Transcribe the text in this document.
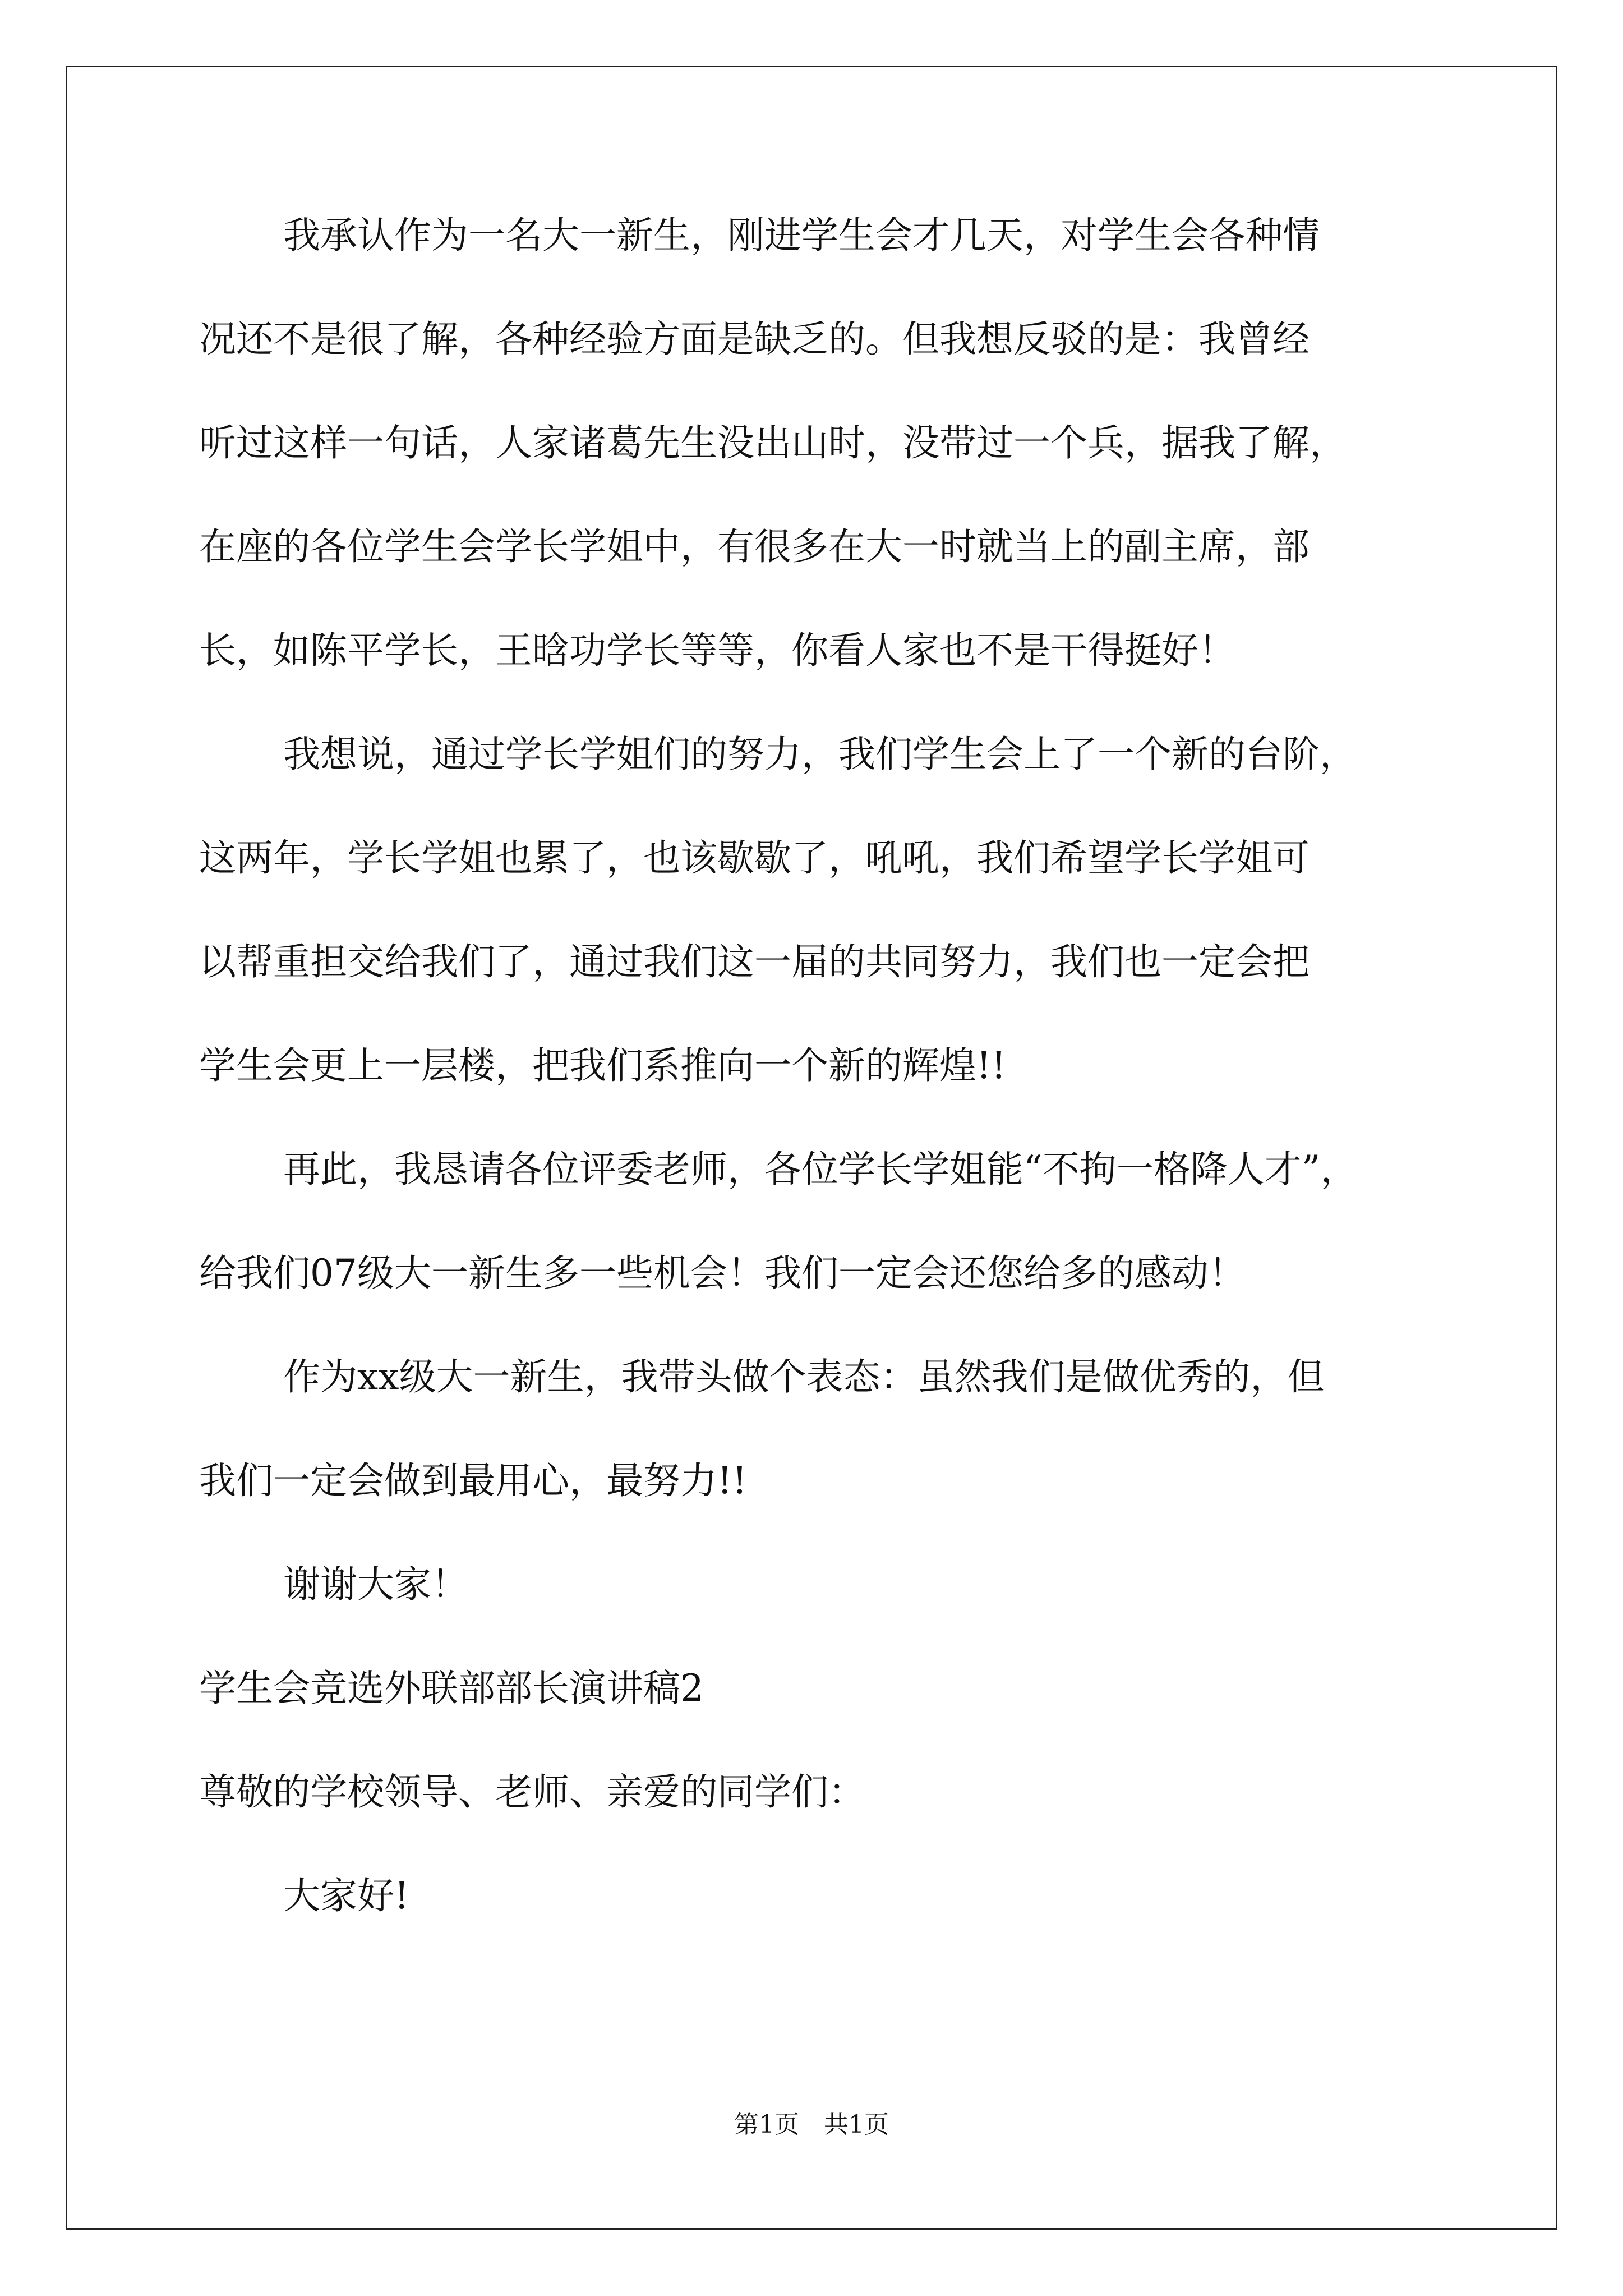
我承认作为一名大一新生，刚进学生会才几天，对学生会各种情
况还不是很了解，各种经验方面是缺乏的。但我想反驳的是：我曾经
听过这样一句话，人家诸葛先生没出山时，没带过一个兵，据我了解，
在座的各位学生会学长学姐中，有很多在大一时就当上的副主席，部
长，如陈平学长，王晗功学长等等，你看人家也不是干得挺好！
我想说，通过学长学姐们的努力，我们学生会上了一个新的台阶，
这两年，学长学姐也累了，也该歇歇了，吼吼，我们希望学长学姐可
以帮重担交给我们了，通过我们这一届的共同努力，我们也一定会把
学生会更上一层楼，把我们系推向一个新的辉煌!!
再此，我恳请各位评委老师，各位学长学姐能“不拘一格降人才”，
给我们07级大一新生多一些机会！我们一定会还您给多的感动！
作为xx级大一新生，我带头做个表态：虽然我们是做优秀的，但
我们一定会做到最用心，最努力!!
谢谢大家！
学生会竞选外联部部长演讲稿2
尊敬的学校领导、老师、亲爱的同学们：
大家好!
第1页　共1页
